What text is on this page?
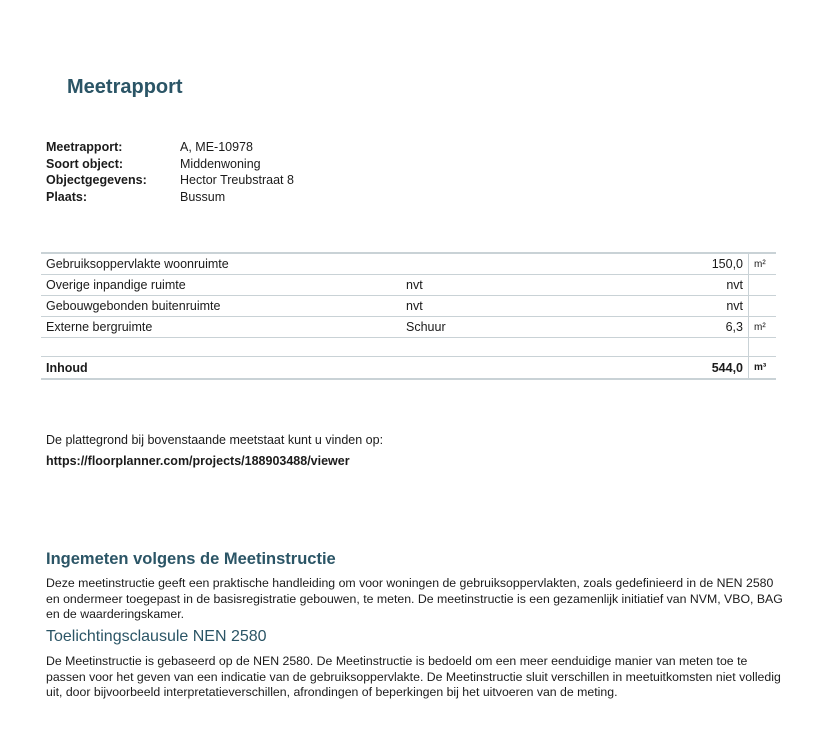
Meetrapport
Meetrapport:	A, ME-10978
Soort object:	Middenwoning
Objectgegevens:	Hector Treubstraat 8
Plaats:	Bussum
Gebruiksoppervlakte woonruimte		150,0	m²
Overige inpandige ruimte	nvt	nvt	
Gebouwgebonden buitenruimte	nvt	nvt	
Externe bergruimte	Schuur	6,3	m²

Inhoud		544,0	m³
De plattegrond bij bovenstaande meetstaat kunt u vinden op:
https://floorplanner.com/projects/188903488/viewer
Ingemeten volgens de Meetinstructie
Deze meetinstructie geeft een praktische handleiding om voor woningen de gebruiksoppervlakten, zoals gedefinieerd in de NEN 2580 en ondermeer toegepast in de basisregistratie gebouwen, te meten. De meetinstructie is een gezamenlijk initiatief van NVM, VBO, BAG en de waarderingskamer.
Toelichtingsclausule NEN 2580
De Meetinstructie is gebaseerd op de NEN 2580. De Meetinstructie is bedoeld om een meer eenduidige manier van meten toe te passen voor het geven van een indicatie van de gebruiksoppervlakte. De Meetinstructie sluit verschillen in meetuitkomsten niet volledig uit, door bijvoorbeeld interpretatieverschillen, afrondingen of beperkingen bij het uitvoeren van de meting.
